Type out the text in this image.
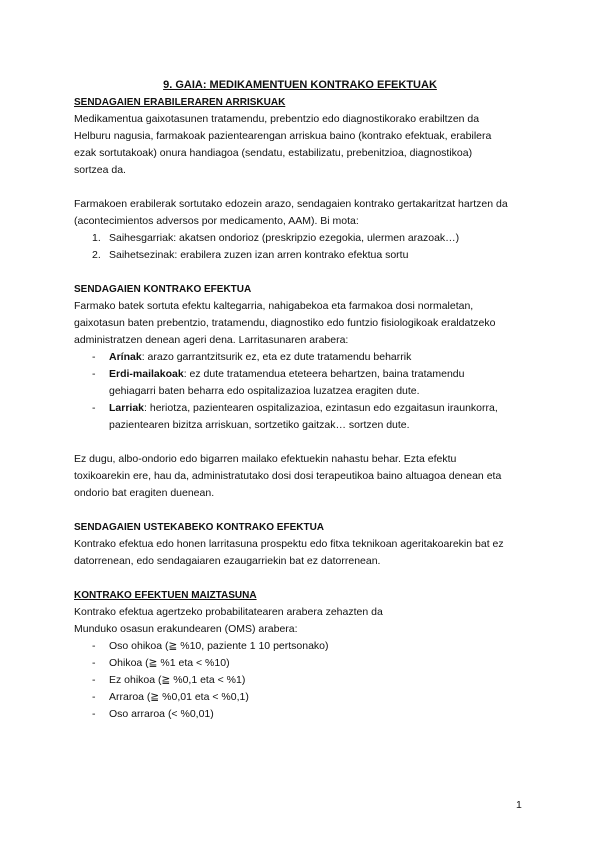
9. GAIA: MEDIKAMENTUEN KONTRAKO EFEKTUAK
SENDAGAIEN ERABILERAREN ARRISKUAK
Medikamentua gaixotasunen tratamendu, prebentzio edo diagnostikorako erabiltzen da
Helburu nagusia, farmakoak pazientearengan arriskua baino (kontrako efektuak, erabilera
ezak sortutakoak) onura handiagoa (sendatu, estabilizatu, prebenitzioa, diagnostikoa)
sortzea da.
Farmakoen erabilerak sortutako edozein arazo, sendagaien kontrako gertakaritzat hartzen da
(acontecimientos adversos por medicamento, AAM). Bi mota:
1. Saihesgarriak: akatsen ondorioz (preskripzio ezegokia, ulermen arazoak…)
2. Saihetsezinak: erabilera zuzen izan arren kontrako efektua sortu
SENDAGAIEN KONTRAKO EFEKTUA
Farmako batek sortuta efektu kaltegarria, nahigabekoa eta farmakoa dosi normaletan,
gaixotasun baten prebentzio, tratamendu, diagnostiko edo funtzio fisiologikoak eraldatzeko
administratzen denean ageri dena. Larritasunaren arabera:
- Arínak: arazo garrantzitsurik ez, eta ez dute tratamendu beharrik
- Erdi-mailakoak: ez dute tratamendua eteteera behartzen, baina tratamendu
gehiagarri baten beharra edo ospitalizazioa luzatzea eragiten dute.
- Larriak: heriotza, pazientearen ospitalizazioa, ezintasun edo ezgaitasun iraunkorra,
pazientearen bizitza arriskuan, sortzetiko gaitzak… sortzen dute.
Ez dugu, albo-ondorio edo bigarren mailako efektuekin nahastu behar. Ezta efektu
toxikoarekin ere, hau da, administratutako dosi dosi terapeutikoa baino altuagoa denean eta
ondorio bat eragiten duenean.
SENDAGAIEN USTEKABEKO KONTRAKO EFEKTUA
Kontrako efektua edo honen larritasuna prospektu edo fitxa teknikoan ageritakoarekin bat ez
datorrenean, edo sendagaiaren ezaugarriekin bat ez datorrenean.
KONTRAKO EFEKTUEN MAIZTASUNA
Kontrako efektua agertzeko probabilitatearen arabera zehazten da
Munduko osasun erakundearen (OMS) arabera:
- Oso ohikoa (≧ %10, paziente 1 10 pertsonako)
- Ohikoa (≧ %1 eta < %10)
- Ez ohikoa (≧ %0,1 eta < %1)
- Arraroa (≧ %0,01 eta < %0,1)
- Oso arraroa (< %0,01)
1
